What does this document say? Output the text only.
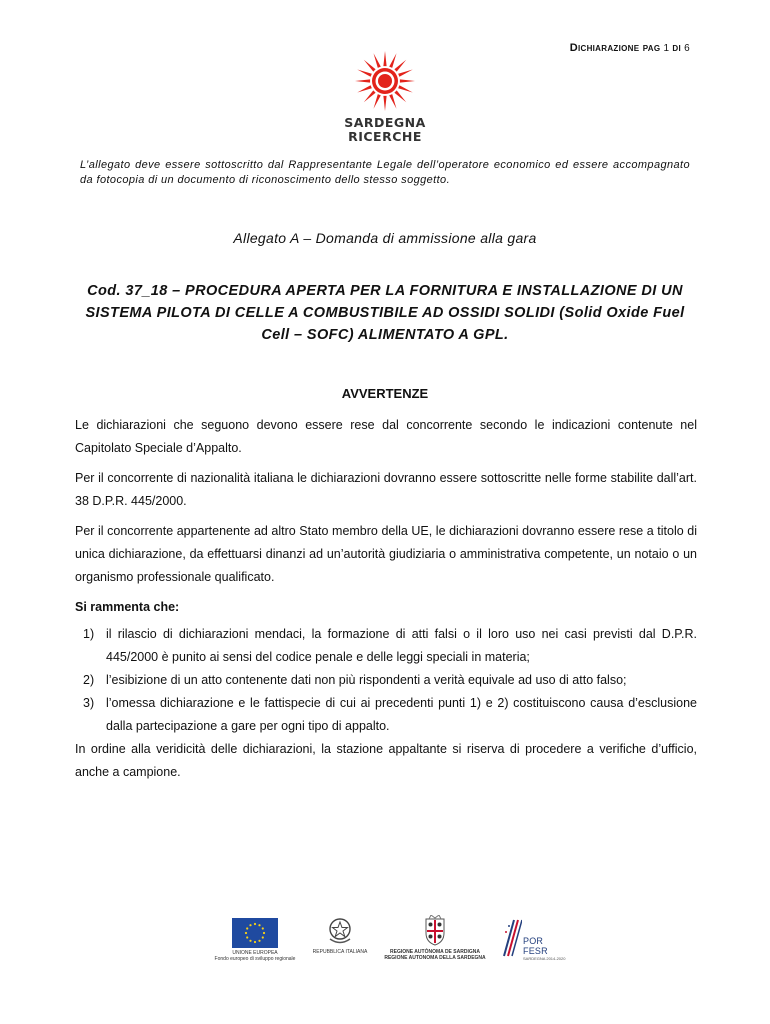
Dichiarazione pag 1 di 6
SARDEGNA
RICERCHE
L’allegato deve essere sottoscritto dal Rappresentante Legale dell’operatore economico ed essere accompagnato da fotocopia di un documento di riconoscimento dello stesso soggetto.
Allegato A – Domanda di ammissione alla gara
Cod. 37_18 – PROCEDURA APERTA PER LA FORNITURA E INSTALLAZIONE DI UN SISTEMA PILOTA DI CELLE A COMBUSTIBILE AD OSSIDI SOLIDI (Solid Oxide Fuel Cell – SOFC) ALIMENTATO A GPL.
AVVERTENZE

Le dichiarazioni che seguono devono essere rese dal concorrente secondo le indicazioni contenute nel Capitolato Speciale d’Appalto.

Per il concorrente di nazionalità italiana le dichiarazioni dovranno essere sottoscritte nelle forme stabilite dall’art. 38 D.P.R. 445/2000.

Per il concorrente appartenente ad altro Stato membro della UE, le dichiarazioni dovranno essere rese a titolo di unica dichiarazione, da effettuarsi dinanzi ad un’autorità giudiziaria o amministrativa competente, un notaio o un organismo professionale qualificato.

Si rammenta che:

1) il rilascio di dichiarazioni mendaci, la formazione di atti falsi o il loro uso nei casi previsti dal D.P.R. 445/2000 è punito ai sensi del codice penale e delle leggi speciali in materia;
2) l’esibizione di un atto contenente dati non più rispondenti a verità equivale ad uso di atto falso;
3) l’omessa dichiarazione e le fattispecie di cui ai precedenti punti 1) e 2) costituiscono causa d’esclusione dalla partecipazione a gare per ogni tipo di appalto.

In ordine alla veridicità delle dichiarazioni, la stazione appaltante si riserva di procedere a verifiche d’ufficio, anche a campione.

UNIONE EUROPEA
Fondo europeo di sviluppo regionale
REPUBBLICA ITALIANA	REGIONE AUTÒNOMA DE SARDIGNA
REGIONE AUTONOMA DELLA SARDEGNA
POR FESR
SARDEGNA 2014-2020
